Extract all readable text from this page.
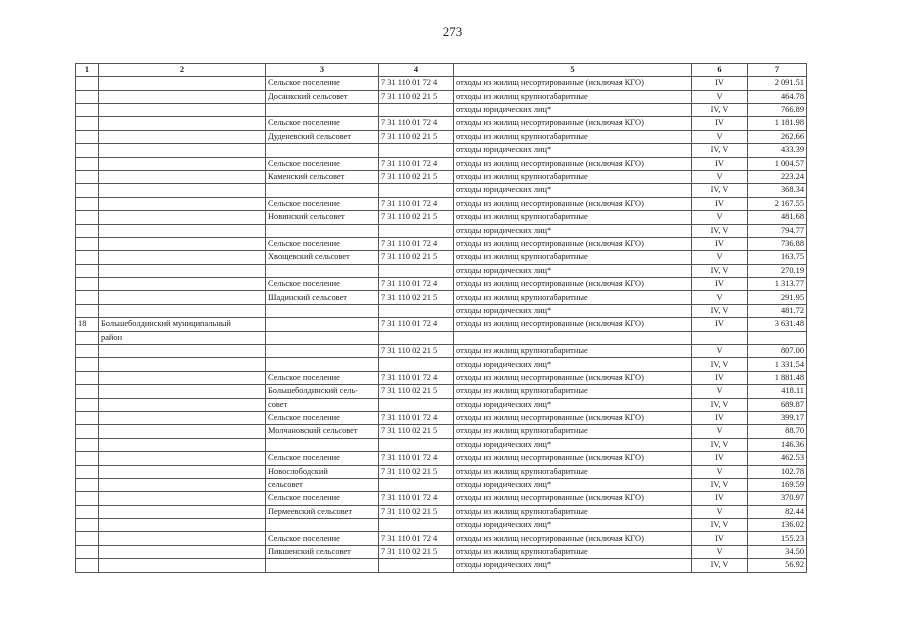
273
1	2	3	4	5	6	7
		Сельское поселение	7 31 110 01 72 4	отходы из жилищ несортированные (исключая КГО)	IV	2 091.51
		Досанкский сельсовет	7 31 110 02 21 5	отходы из жилищ крупногабаритные	V	464.78
				отходы юридических лиц*	IV, V	766.89
		Сельское поселение	7 31 110 01 72 4	отходы из жилищ несортированные (исключая КГО)	IV	1 181.98
		Дуденевский сельсовет	7 31 110 02 21 5	отходы из жилищ крупногабаритные	V	262.66
				отходы юридических лиц*	IV, V	433.39
		Сельское поселение	7 31 110 01 72 4	отходы из жилищ несортированные (исключая КГО)	IV	1 004.57
		Каменский сельсовет	7 31 110 02 21 5	отходы из жилищ крупногабаритные	V	223.24
				отходы юридических лиц*	IV, V	368.34
		Сельское поселение	7 31 110 01 72 4	отходы из жилищ несортированные (исключая КГО)	IV	2 167.55
		Новинский сельсовет	7 31 110 02 21 5	отходы из жилищ крупногабаритные	V	481.68
				отходы юридических лиц*	IV, V	794.77
		Сельское поселение	7 31 110 01 72 4	отходы из жилищ несортированные (исключая КГО)	IV	736.88
		Хвощевский сельсовет	7 31 110 02 21 5	отходы из жилищ крупногабаритные	V	163.75
				отходы юридических лиц*	IV, V	270.19
		Сельское поселение	7 31 110 01 72 4	отходы из жилищ несортированные (исключая КГО)	IV	1 313.77
		Шадинский сельсовет	7 31 110 02 21 5	отходы из жилищ крупногабаритные	V	291.95
				отходы юридических лиц*	IV, V	481.72
18	Большеболдинский муниципальный		7 31 110 01 72 4	отходы из жилищ несортированные (исключая КГО)	IV	3 631.48
	район					
			7 31 110 02 21 5	отходы из жилищ крупногабаритные	V	807.00
				отходы юридических лиц*	IV, V	1 331.54
		Сельское поселение	7 31 110 01 72 4	отходы из жилищ несортированные (исключая КГО)	IV	1 881.48
		Большеболдинский сель-	7 31 110 02 21 5	отходы из жилищ крупногабаритные	V	418.11
		совет		отходы юридических лиц*	IV, V	689.87
		Сельское поселение	7 31 110 01 72 4	отходы из жилищ несортированные (исключая КГО)	IV	399.17
		Молчановский сельсовет	7 31 110 02 21 5	отходы из жилищ крупногабаритные	V	88.70
				отходы юридических лиц*	IV, V	146.36
		Сельское поселение	7 31 110 01 72 4	отходы из жилищ несортированные (исключая КГО)	IV	462.53
		Новослободский	7 31 110 02 21 5	отходы из жилищ крупногабаритные	V	102.78
		сельсовет		отходы юридических лиц*	IV, V	169.59
		Сельское поселение	7 31 110 01 72 4	отходы из жилищ несортированные (исключая КГО)	IV	370.97
		Пермеевский сельсовет	7 31 110 02 21 5	отходы из жилищ крупногабаритные	V	82.44
				отходы юридических лиц*	IV, V	136.02
		Сельское поселение	7 31 110 01 72 4	отходы из жилищ несортированные (исключая КГО)	IV	155.23
		Пикшенский сельсовет	7 31 110 02 21 5	отходы из жилищ крупногабаритные	V	34.50
				отходы юридических лиц*	IV, V	56.92
